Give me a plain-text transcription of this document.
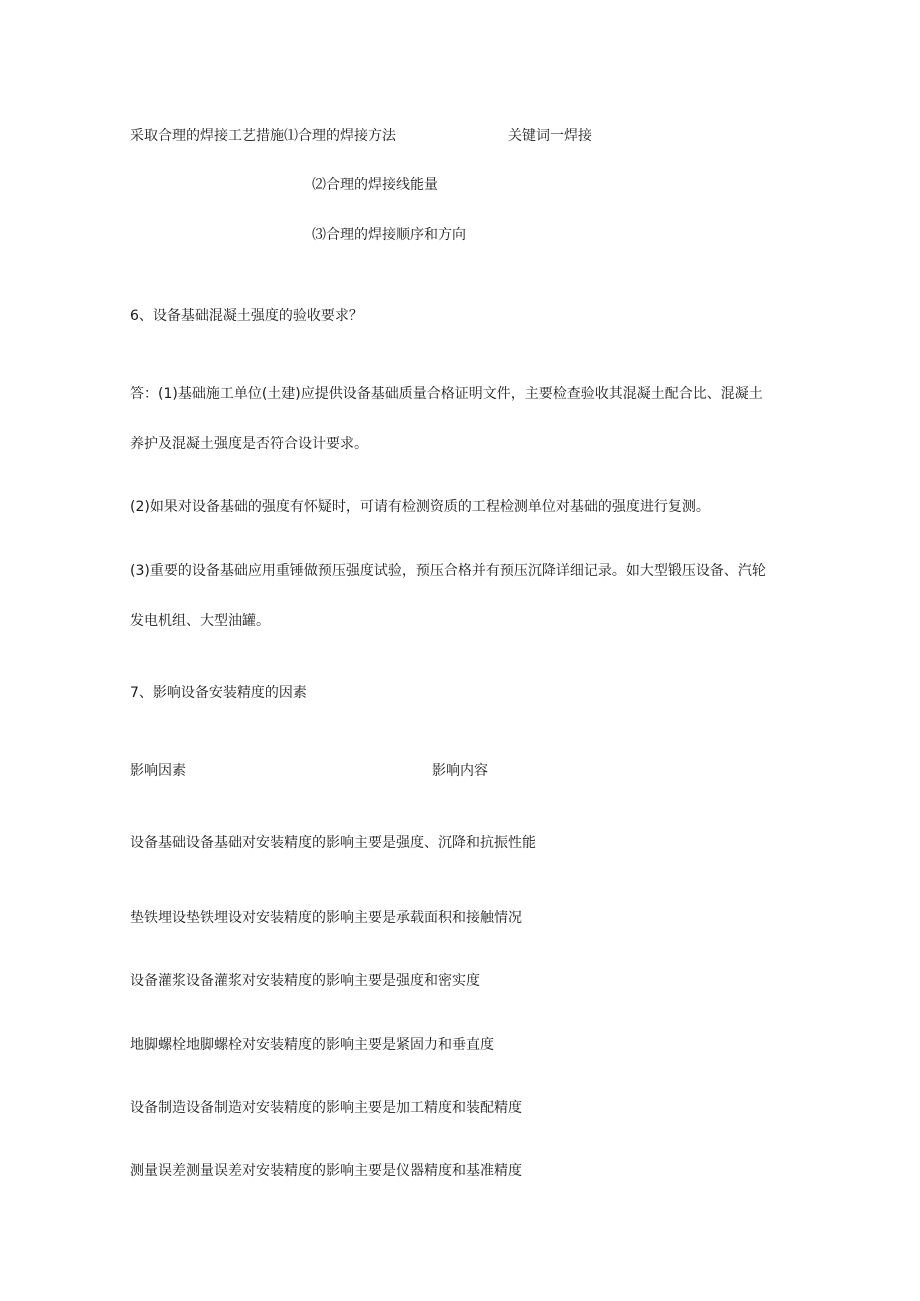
采取合理的焊接工艺措施⑴合理的焊接方法	关键词一焊接
⑵合理的焊接线能量
⑶合理的焊接顺序和方向
6、设备基础混凝土强度的验收要求？
答：(1)基础施工单位(土建)应提供设备基础质量合格证明文件，主要检查验收其混凝土配合比、混凝土
养护及混凝土强度是否符合设计要求。
(2)如果对设备基础的强度有怀疑时，可请有检测资质的工程检测单位对基础的强度进行复测。
(3)重要的设备基础应用重锤做预压强度试验，预压合格并有预压沉降详细记录。如大型锻压设备、汽轮
发电机组、大型油罐。
7、影响设备安装精度的因素
影响因素	影响内容
设备基础设备基础对安装精度的影响主要是强度、沉降和抗振性能
垫铁埋设垫铁埋设对安装精度的影响主要是承载面积和接触情况
设备灌浆设备灌浆对安装精度的影响主要是强度和密实度
地脚螺栓地脚螺栓对安装精度的影响主要是紧固力和垂直度
设备制造设备制造对安装精度的影响主要是加工精度和装配精度
测量误差测量误差对安装精度的影响主要是仪器精度和基准精度
